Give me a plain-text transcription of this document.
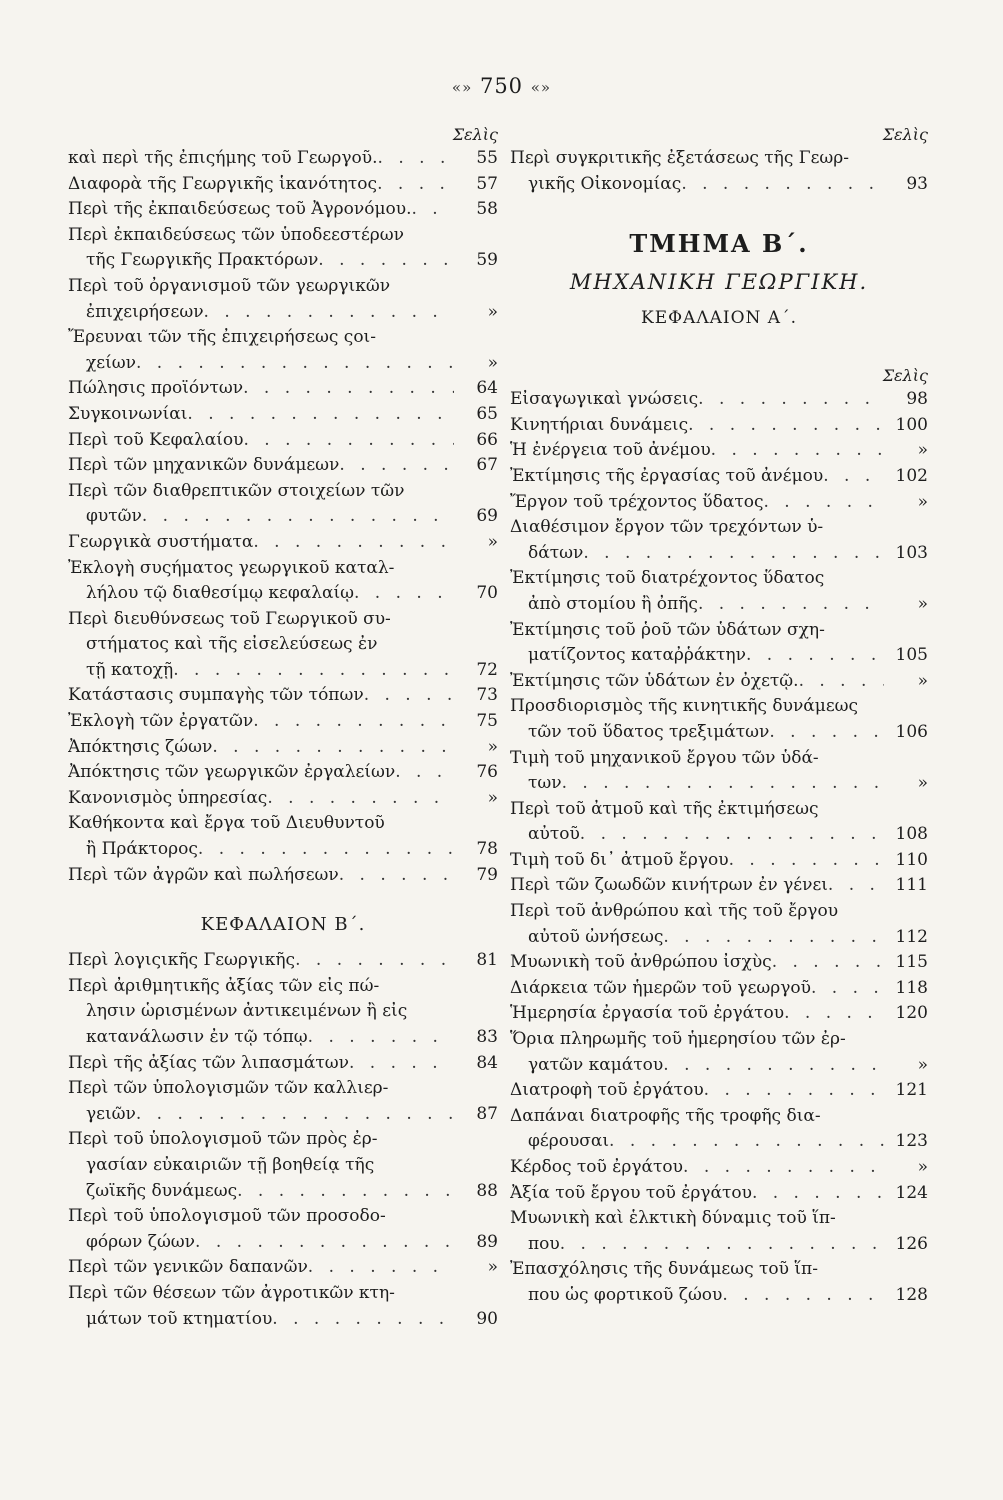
«» 750 «»
Σελὶς
καὶ περὶ τῆς ἐπιςήμης τοῦ Γεωργοῦ. . . .	55
Διαφορὰ τῆς Γεωργικῆς ἱκανότητος . . .	57
Περὶ τῆς ἐκπαιδεύσεως τοῦ Ἀγρονόμου. . . .	58
Περὶ ἐκπαιδεύσεως τῶν ὑποδεεστέρων
τῆς Γεωργικῆς Πρακτόρων . . .	59
Περὶ τοῦ ὀργανισμοῦ τῶν γεωργικῶν
ἐπιχειρήσεων . . .	»
Ἔρευναι τῶν τῆς ἐπιχειρήσεως ςοι-
χείων . . .	»
Πώλησις προϊόντων . . .	64
Συγκοινωνίαι . . .	65
Περὶ τοῦ Κεφαλαίου . . .	66
Περὶ τῶν μηχανικῶν δυνάμεων . . .	67
Περὶ τῶν διαθρεπτικῶν στοιχείων τῶν
φυτῶν . . .	69
Γεωργικὰ συστήματα . . .	»
Ἐκλογὴ συςήματος γεωργικοῦ καταλ-
λήλου τῷ διαθεσίμῳ κεφαλαίῳ . . .	70
Περὶ διευθύνσεως τοῦ Γεωργικοῦ συ-
στήματος καὶ τῆς εἰσελεύσεως ἐν
τῇ κατοχῇ . . .	72
Κατάστασις συμπαγὴς τῶν τόπων . . .	73
Ἐκλογὴ τῶν ἐργατῶν . . .	75
Ἀπόκτησις ζώων . . .	»
Ἀπόκτησις τῶν γεωργικῶν ἐργαλείων . . .	76
Κανονισμὸς ὑπηρεσίας . . .	»
Καθήκοντα καὶ ἔργα τοῦ Διευθυντοῦ
ἢ Πράκτορος . . .	78
Περὶ τῶν ἀγρῶν καὶ πωλήσεων . . .	79
ΚΕΦΑΛΑΙΟΝ Β΄.
Περὶ λογιςικῆς Γεωργικῆς . . .	81
Περὶ ἀριθμητικῆς ἀξίας τῶν εἰς πώ-
λησιν ὡρισμένων ἀντικειμένων ἢ εἰς
κατανάλωσιν ἐν τῷ τόπῳ . . .	83
Περὶ τῆς ἀξίας τῶν λιπασμάτων . . .	84
Περὶ τῶν ὑπολογισμῶν τῶν καλλιερ-
γειῶν . . .	87
Περὶ τοῦ ὑπολογισμοῦ τῶν πρὸς ἐρ-
γασίαν εὐκαιριῶν τῇ βοηθείᾳ τῆς
ζωϊκῆς δυνάμεως . . .	88
Περὶ τοῦ ὑπολογισμοῦ τῶν προσοδο-
φόρων ζώων . . .	89
Περὶ τῶν γενικῶν δαπανῶν . . .	»
Περὶ τῶν θέσεων τῶν ἀγροτικῶν κτη-
μάτων τοῦ κτηματίου . . .	90
Σελὶς
Περὶ συγκριτικῆς ἐξετάσεως τῆς Γεωρ-
γικῆς Οἰκονομίας . . .	93
ΤΜΗΜΑ Β΄.
ΜΗΧΑΝΙΚΗ ΓΕΩΡΓΙΚΗ.
ΚΕΦΑΛΑΙΟΝ Α΄.
Σελὶς
Εἰσαγωγικαὶ γνώσεις . . .	98
Κινητήριαι δυνάμεις . . .	100
Ἡ ἐνέργεια τοῦ ἀνέμου . . .	»
Ἐκτίμησις τῆς ἐργασίας τοῦ ἀνέμου . . .	102
Ἔργον τοῦ τρέχοντος ὕδατος . . .	»
Διαθέσιμον ἔργον τῶν τρεχόντων ὑ-
δάτων . . .	103
Ἐκτίμησις τοῦ διατρέχοντος ὕδατος
ἀπὸ στομίου ἢ ὀπῆς . . .	»
Ἐκτίμησις τοῦ ῥοῦ τῶν ὑδάτων σχη-
ματίζοντος καταῤῥάκτην . . .	105
Ἐκτίμησις τῶν ὑδάτων ἐν ὀχετῷ. . . .	»
Προσδιορισμὸς τῆς κινητικῆς δυνάμεως
τῶν τοῦ ὕδατος τρεξιμάτων . . .	106
Τιμὴ τοῦ μηχανικοῦ ἔργου τῶν ὑδά-
των . . .	»
Περὶ τοῦ ἀτμοῦ καὶ τῆς ἐκτιμήσεως
αὐτοῦ . . .	108
Τιμὴ τοῦ δι᾽ ἀτμοῦ ἔργου . . .	110
Περὶ τῶν ζωωδῶν κινήτρων ἐν γένει . . .	111
Περὶ τοῦ ἀνθρώπου καὶ τῆς τοῦ ἔργου
αὐτοῦ ὠνήσεως . . .	112
Μυωνικὴ τοῦ ἀνθρώπου ἰσχὺς . . .	115
Διάρκεια τῶν ἡμερῶν τοῦ γεωργοῦ . . .	118
Ἡμερησία ἐργασία τοῦ ἐργάτου . . .	120
Ὅρια πληρωμῆς τοῦ ἡμερησίου τῶν ἐρ-
γατῶν καμάτου . . .	»
Διατροφὴ τοῦ ἐργάτου . . .	121
Δαπάναι διατροφῆς τῆς τροφῆς δια-
φέρουσαι . . .	123
Κέρδος τοῦ ἐργάτου . . .	»
Ἀξία τοῦ ἔργου τοῦ ἐργάτου . . .	124
Μυωνικὴ καὶ ἑλκτικὴ δύναμις τοῦ ἵπ-
που . . .	126
Ἐπασχόλησις τῆς δυνάμεως τοῦ ἵπ-
που ὡς φορτικοῦ ζώου . . .	128
